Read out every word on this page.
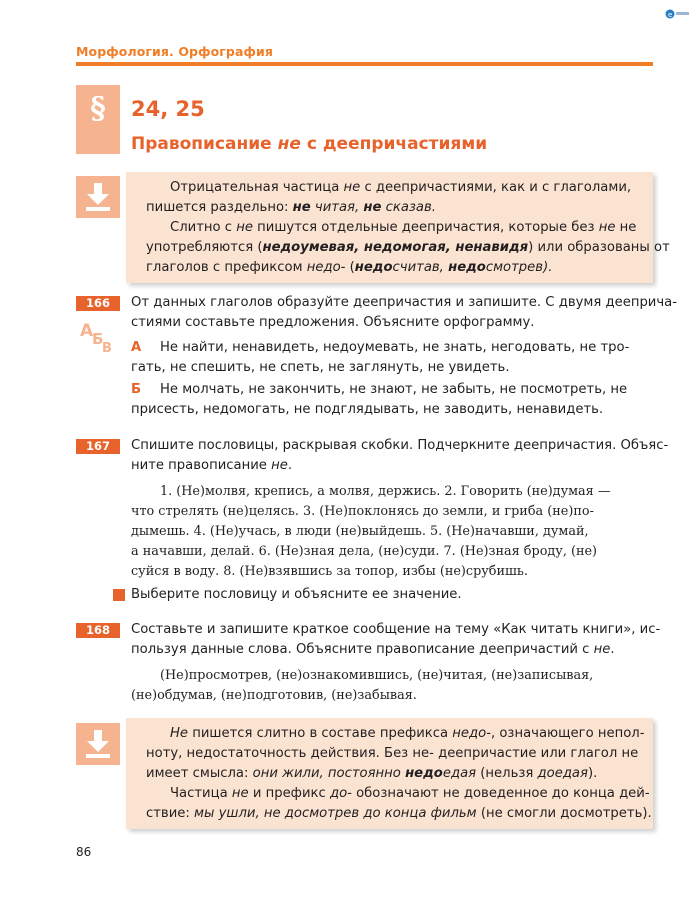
e
Морфология. Орфография
§	24, 25
Правописание не с деепричастиями
Отрицательная частица не с деепричастиями, как и с глаголами,
пишется раздельно: не читая, не сказав.
Слитно с не пишутся отдельные деепричастия, которые без не не
употребляются (недоумевая, недомогая, ненавидя) или образованы от
глаголов с префиксом недо- (недосчитав, недосмотрев).
166	От данных глаголов образуйте деепричастия и запишите. С двумя дееприча-
стиями составьте предложения. Объясните орфограмму.
А
Б
В А Не найти, ненавидеть, недоумевать, не знать, негодовать, не тро-
гать, не спешить, не спеть, не заглянуть, не увидеть.
Б Не молчать, не закончить, не знают, не забыть, не посмотреть, не
присесть, недомогать, не подглядывать, не заводить, ненавидеть.
167	Спишите пословицы, раскрывая скобки. Подчеркните деепричастия. Объяс-
ните правописание не.
1. (Не)молвя, крепись, а молвя, держись. 2. Говорить (не)думая —
что стрелять (не)целясь. 3. (Не)поклонясь до земли, и гриба (не)по-
дымешь. 4. (Не)учась, в люди (не)выйдешь. 5. (Не)начавши, думай,
а начавши, делай. 6. (Не)зная дела, (не)суди. 7. (Не)зная броду, (не)
суйся в воду. 8. (Не)взявшись за топор, избы (не)срубишь.
Выберите пословицу и объясните ее значение.
168	Составьте и запишите краткое сообщение на тему «Как читать книги», ис-
пользуя данные слова. Объясните правописание деепричастий с не.
(Не)просмотрев, (не)ознакомившись, (не)читая, (не)записывая,
(не)обдумав, (не)подготовив, (не)забывая.
Не пишется слитно в составе префикса недо-, означающего непол-
ноту, недостаточность действия. Без не- деепричастие или глагол не
имеет смысла: они жили, постоянно недоедая (нельзя доедая).
Частица не и префикс до- обозначают не доведенное до конца дей-
ствие: мы ушли, не досмотрев до конца фильм (не смогли досмотреть).
86
